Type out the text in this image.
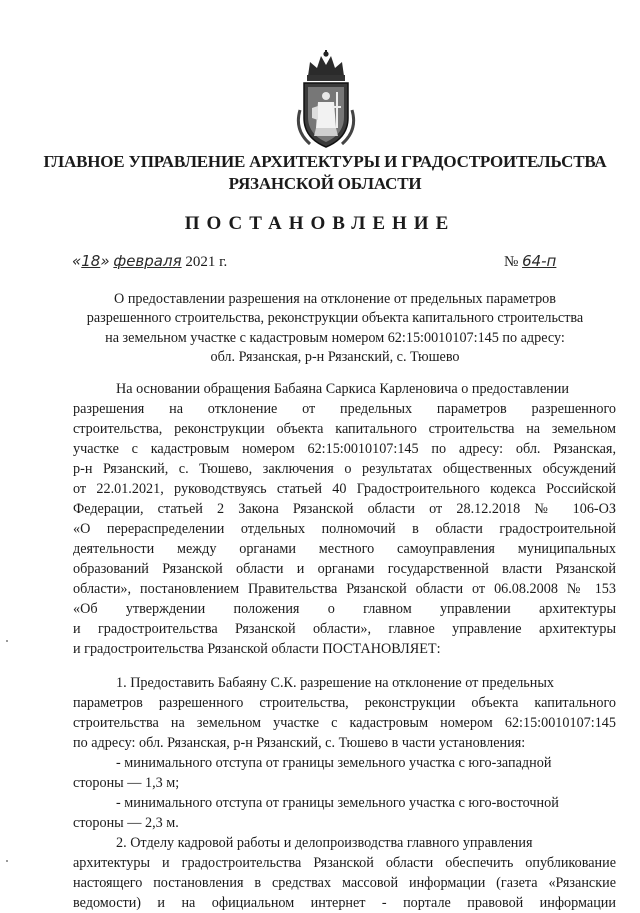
ГЛАВНОЕ УПРАВЛЕНИЕ АРХИТЕКТУРЫ И ГРАДОСТРОИТЕЛЬСТВА
РЯЗАНСКОЙ ОБЛАСТИ
ПОСТАНОВЛЕНИЕ
«18» февраля 2021 г.	№ 64-п
О предоставлении разрешения на отклонение от предельных параметров
разрешенного строительства, реконструкции объекта капитального строительства
на земельном участке с кадастровым номером 62:15:0010107:145 по адресу:
обл. Рязанская, р-н Рязанский, с. Тюшево
На основании обращения Бабаяна Саркиса Карленовича о предоставлении
разрешения на отклонение от предельных параметров разрешенного
строительства, реконструкции объекта капитального строительства на земельном
участке с кадастровым номером 62:15:0010107:145 по адресу: обл. Рязанская,
р-н Рязанский, с. Тюшево, заключения о результатах общественных обсуждений
от 22.01.2021, руководствуясь статьей 40 Градостроительного кодекса Российской
Федерации, статьей 2 Закона Рязанской области от 28.12.2018 № 106-ОЗ
«О перераспределении отдельных полномочий в области градостроительной
деятельности между органами местного самоуправления муниципальных
образований Рязанской области и органами государственной власти Рязанской
области», постановлением Правительства Рязанской области от 06.08.2008 № 153
«Об утверждении положения о главном управлении архитектуры
и градостроительства Рязанской области», главное управление архитектуры
и градостроительства Рязанской области ПОСТАНОВЛЯЕТ:
1. Предоставить Бабаяну С.К. разрешение на отклонение от предельных
параметров разрешенного строительства, реконструкции объекта капитального
строительства на земельном участке с кадастровым номером 62:15:0010107:145
по адресу: обл. Рязанская, р-н Рязанский, с. Тюшево в части установления:
- минимального отступа от границы земельного участка с юго-западной
стороны — 1,3 м;
- минимального отступа от границы земельного участка с юго-восточной
стороны — 2,3 м.
2. Отделу кадровой работы и делопроизводства главного управления
архитектуры и градостроительства Рязанской области обеспечить опубликование
настоящего постановления в средствах массовой информации (газета «Рязанские
ведомости) и на официальном интернет - портале правовой информации
